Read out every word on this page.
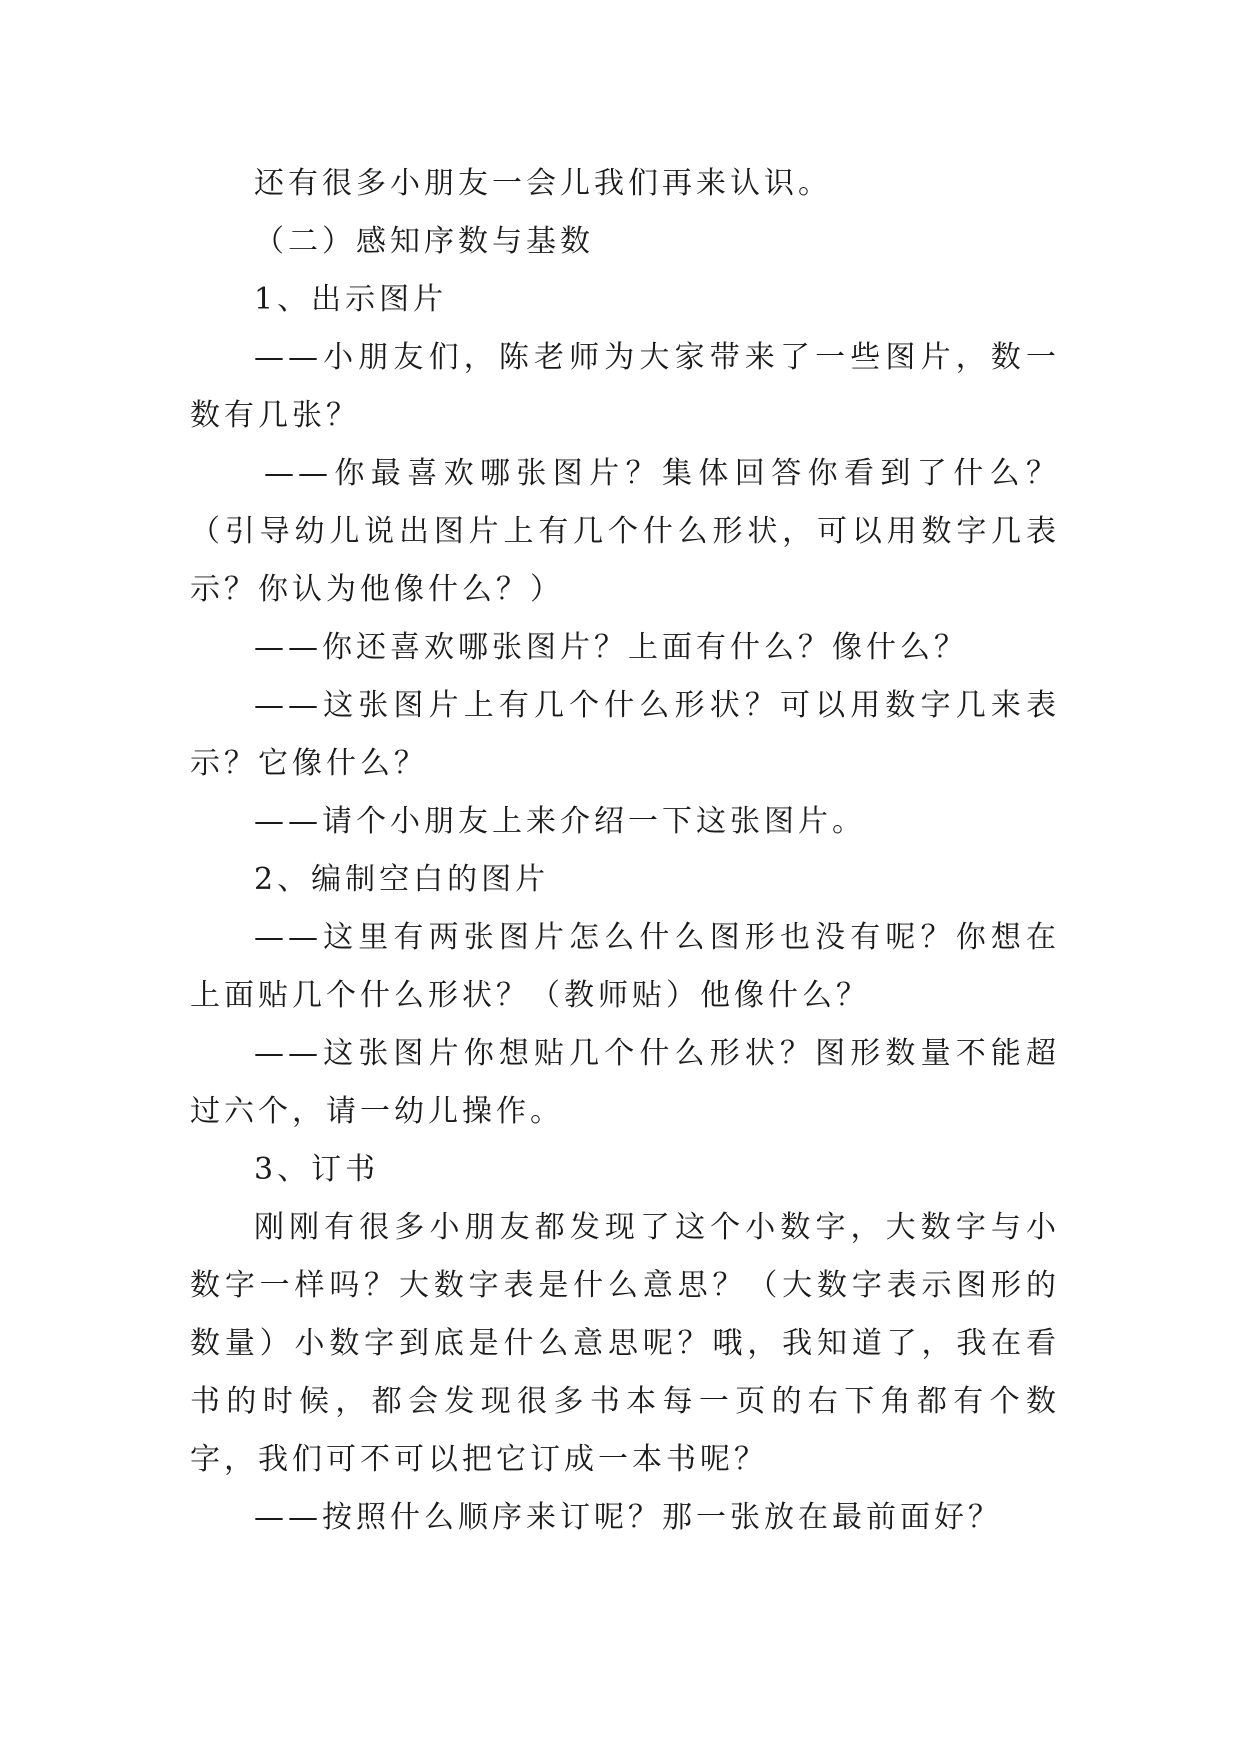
还有很多小朋友一会儿我们再来认识。

（二）感知序数与基数

1、出示图片

——小朋友们，陈老师为大家带来了一些图片，数一数有几张？

——你最喜欢哪张图片？集体回答你看到了什么？（引导幼儿说出图片上有几个什么形状，可以用数字几表示？你认为他像什么？）

——你还喜欢哪张图片？上面有什么？像什么？

——这张图片上有几个什么形状？可以用数字几来表示？它像什么？

——请个小朋友上来介绍一下这张图片。

2、编制空白的图片

——这里有两张图片怎么什么图形也没有呢？你想在上面贴几个什么形状？（教师贴）他像什么？

——这张图片你想贴几个什么形状？图形数量不能超过六个，请一幼儿操作。

3、订书

刚刚有很多小朋友都发现了这个小数字，大数字与小数字一样吗？大数字表是什么意思？（大数字表示图形的数量）小数字到底是什么意思呢？哦，我知道了，我在看书的时候，都会发现很多书本每一页的右下角都有个数字，我们可不可以把它订成一本书呢？

——按照什么顺序来订呢？那一张放在最前面好？
